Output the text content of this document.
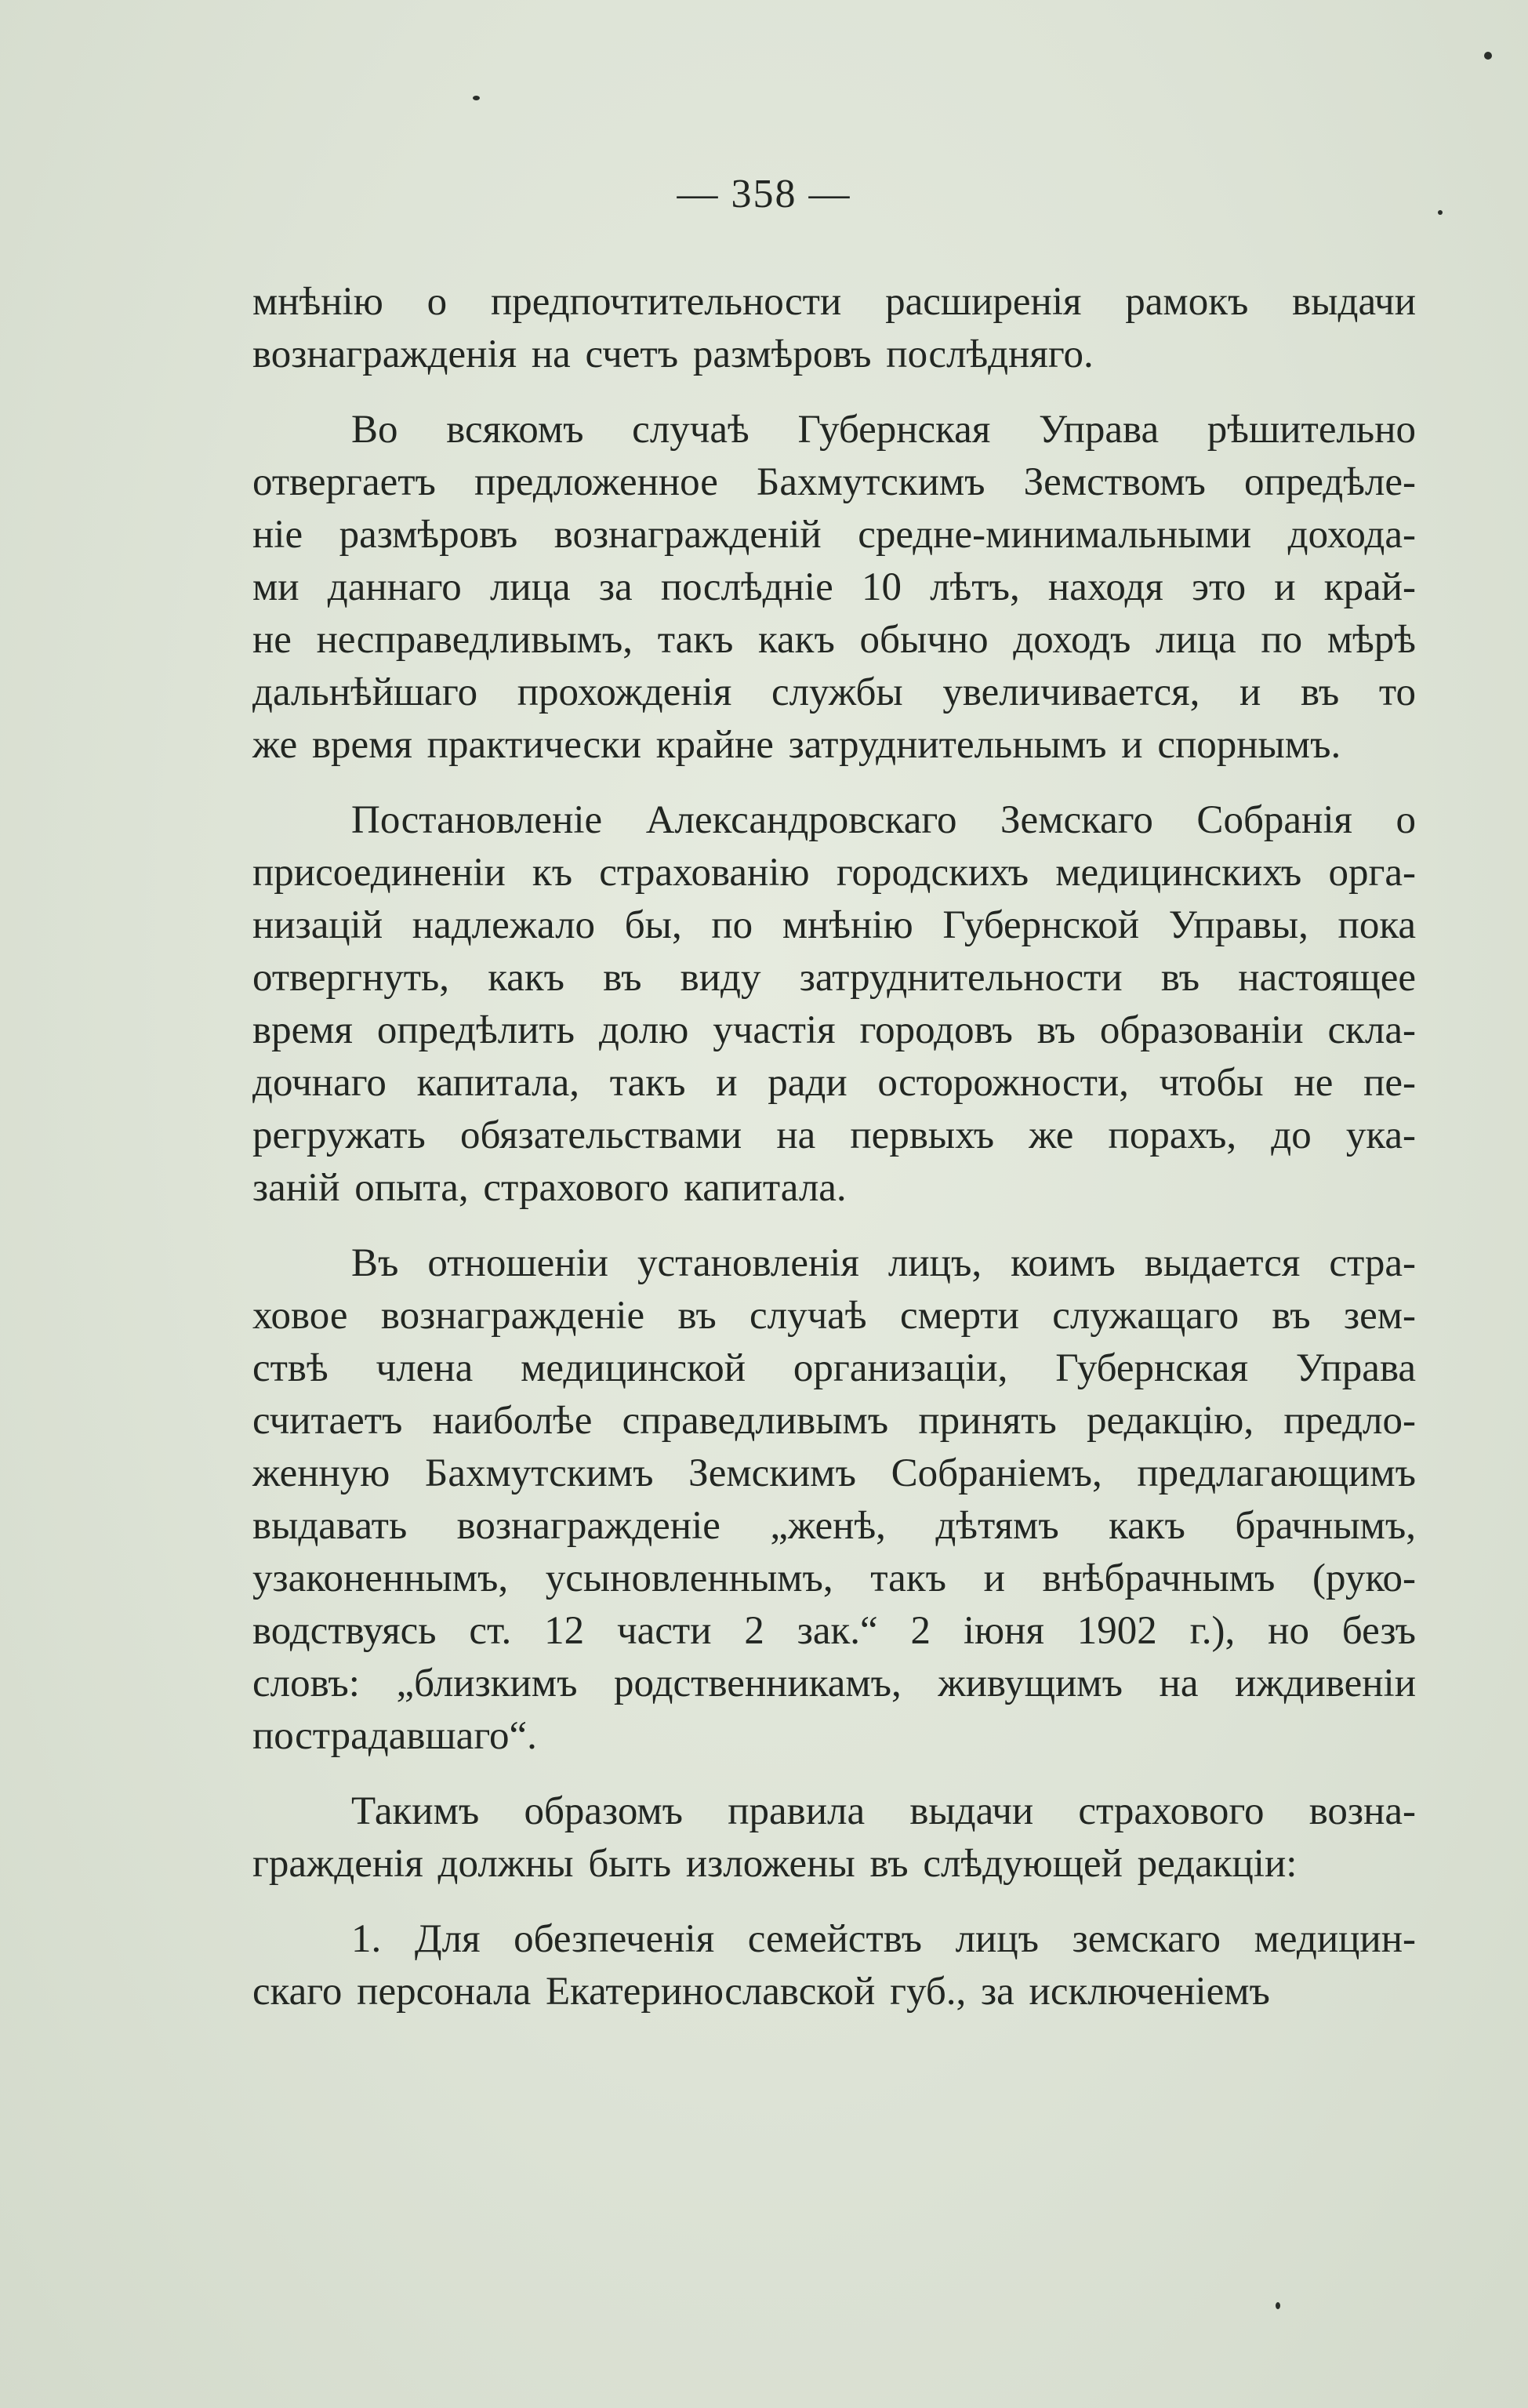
— 358 —
мнѣнію о предпочтительности расширенія рамокъ выдачи
вознагражденія на счетъ размѣровъ послѣдняго.
Во всякомъ случаѣ Губернская Управа рѣшительно
отвергаетъ предложенное Бахмутскимъ Земствомъ опредѣле-
ніе размѣровъ вознагражденій средне-минимальными дохода-
ми даннаго лица за послѣдніе 10 лѣтъ, находя это и край-
не несправедливымъ, такъ какъ обычно доходъ лица по мѣрѣ
дальнѣйшаго прохожденія службы увеличивается, и въ то
же время практически крайне затруднительнымъ и спорнымъ.
Постановленіе Александровскаго Земскаго Собранія о
присоединеніи къ страхованію городскихъ медицинскихъ орга-
низацій надлежало бы, по мнѣнію Губернской Управы, пока
отвергнуть, какъ въ виду затруднительности въ настоящее
время опредѣлить долю участія городовъ въ образованіи скла-
дочнаго капитала, такъ и ради осторожности, чтобы не пе-
регружать обязательствами на первыхъ же порахъ, до ука-
заній опыта, страхового капитала.
Въ отношеніи установленія лицъ, коимъ выдается стра-
ховое вознагражденіе въ случаѣ смерти служащаго въ зем-
ствѣ члена медицинской организаціи, Губернская Управа
считаетъ наиболѣе справедливымъ принять редакцію, предло-
женную Бахмутскимъ Земскимъ Собраніемъ, предлагающимъ
выдавать вознагражденіе „женѣ, дѣтямъ какъ брачнымъ,
узаконеннымъ, усыновленнымъ, такъ и внѣбрачнымъ (руко-
водствуясь ст. 12 части 2 зак.“ 2 іюня 1902 г.), но безъ
словъ: „близкимъ родственникамъ, живущимъ на иждивеніи
пострадавшаго“.
Такимъ образомъ правила выдачи страхового возна-
гражденія должны быть изложены въ слѣдующей редакціи:
1. Для обезпеченія семействъ лицъ земскаго медицин-
скаго персонала Екатеринославской губ., за исключеніемъ
